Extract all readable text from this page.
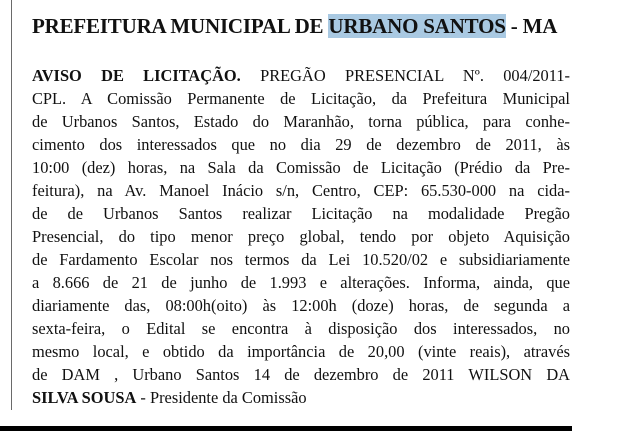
PREFEITURA MUNICIPAL DE URBANO SANTOS - MA
AVISO DE LICITAÇÃO. PREGÃO PRESENCIAL Nº. 004/2011-
CPL. A Comissão Permanente de Licitação, da Prefeitura Municipal
de Urbanos Santos, Estado do Maranhão, torna pública, para conhe-
cimento dos interessados que no dia 29 de dezembro de 2011, às
10:00 (dez) horas, na Sala da Comissão de Licitação (Prédio da Pre-
feitura), na Av. Manoel Inácio s/n, Centro, CEP: 65.530-000 na cida-
de de Urbanos Santos realizar Licitação na modalidade Pregão
Presencial, do tipo menor preço global, tendo por objeto Aquisição
de Fardamento Escolar nos termos da Lei 10.520/02 e subsidiariamente
a 8.666 de 21 de junho de 1.993 e alterações. Informa, ainda, que
diariamente das, 08:00h(oito) às 12:00h (doze) horas, de segunda a
sexta-feira, o Edital se encontra à disposição dos interessados, no
mesmo local, e obtido da importância de 20,00 (vinte reais), através
de DAM , Urbano Santos 14 de dezembro de 2011 WILSON DA
SILVA SOUSA - Presidente da Comissão
